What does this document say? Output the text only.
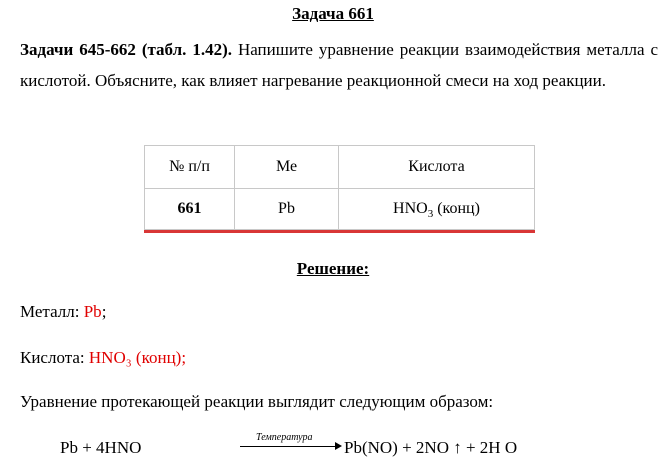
Задача 661
Задачи 645-662 (табл. 1.42). Напишите уравнение реакции взаимодействия металла с кислотой. Объясните, как влияет нагревание реакционной смеси на ход реакции.
№ п/п	Ме	Кислота
661	Pb	$HNO_3$ (конц)
Решение:
Металл: Pb;
Кислота: HNO₃ (конц);
Уравнение протекающей реакции выглядит следующим образом:
Pb + 4HNO
Температура
Pb(NO) + 2NO ↑ + 2H O
